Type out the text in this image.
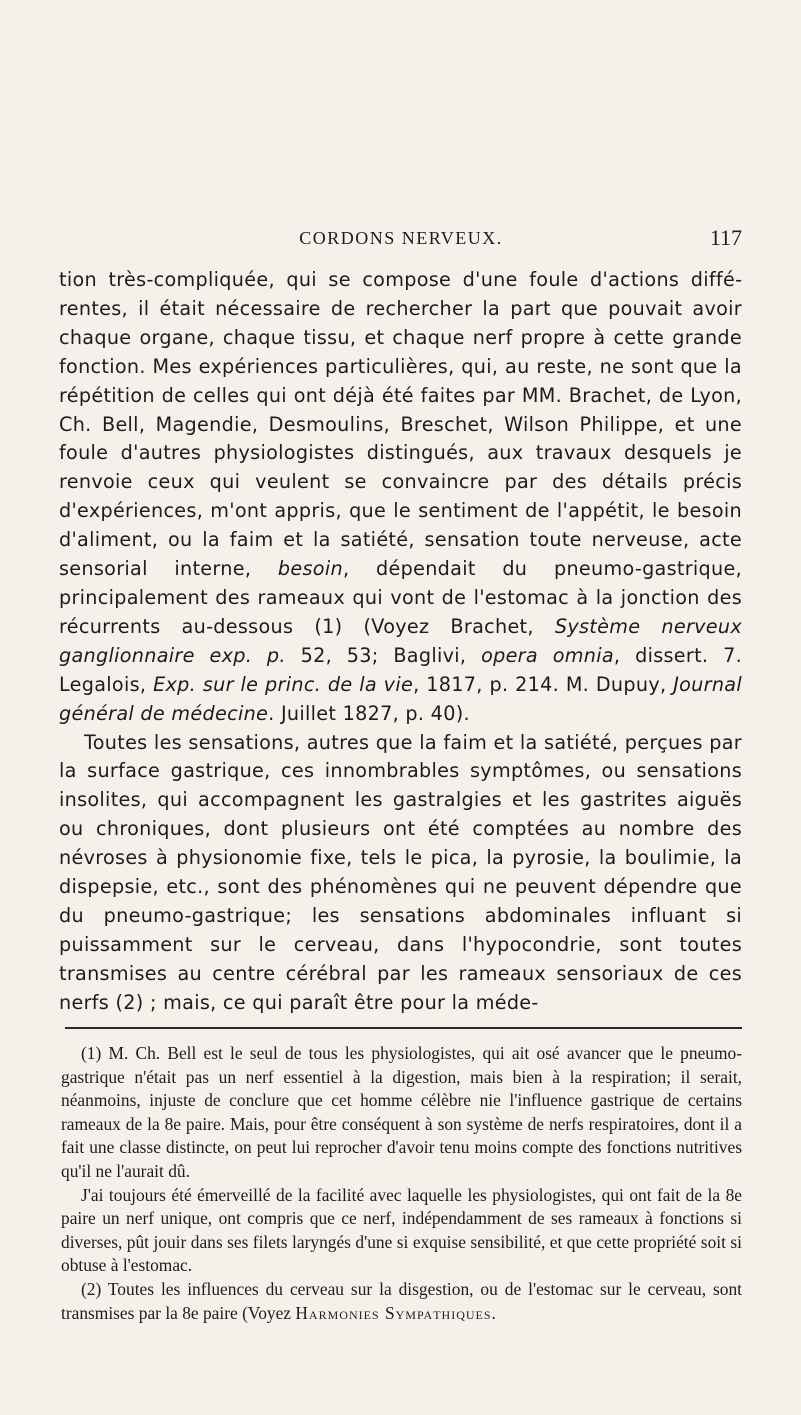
CORDONS NERVEUX.	117

tion très-compliquée, qui se compose d'une foule d'actions différentes, il était nécessaire de rechercher la part que pouvait avoir chaque organe, chaque tissu, et chaque nerf propre à cette grande fonction. Mes expériences particulières, qui, au reste, ne sont que la répétition de celles qui ont déjà été faites par MM. Brachet, de Lyon, Ch. Bell, Magendie, Desmoulins, Breschet, Wilson Philippe, et une foule d'autres physiologistes distingués, aux travaux desquels je renvoie ceux qui veulent se convaincre par des détails précis d'expériences, m'ont appris, que le sentiment de l'appétit, le besoin d'aliment, ou la faim et la satiété, sensation toute nerveuse, acte sensorial interne, besoin, dépendait du pneumo-gastrique, principalement des rameaux qui vont de l'estomac à la jonction des récurrents au-dessous (1) (Voyez Brachet, Système nerveux ganglionnaire exp. p. 52, 53; Baglivi, opera omnia, dissert. 7. Legalois, Exp. sur le princ. de la vie, 1817, p. 214. M. Dupuy, Journal général de médecine. Juillet 1827, p. 40).

Toutes les sensations, autres que la faim et la satiété, perçues par la surface gastrique, ces innombrables symptômes, ou sensations insolites, qui accompagnent les gastralgies et les gastrites aiguës ou chroniques, dont plusieurs ont été comptées au nombre des névroses à physionomie fixe, tels le pica, la pyrosie, la boulimie, la dispepsie, etc., sont des phénomènes qui ne peuvent dépendre que du pneumo-gastrique; les sensations abdominales influant si puissamment sur le cerveau, dans l'hypocondrie, sont toutes transmises au centre cérébral par les rameaux sensoriaux de ces nerfs (2) ; mais, ce qui paraît être pour la méde-

(1) M. Ch. Bell est le seul de tous les physiologistes, qui ait osé avancer que le pneumo-gastrique n'était pas un nerf essentiel à la digestion, mais bien à la respiration; il serait, néanmoins, injuste de conclure que cet homme célèbre nie l'influence gastrique de certains rameaux de la 8e paire. Mais, pour être conséquent à son système de nerfs respiratoires, dont il a fait une classe distincte, on peut lui reprocher d'avoir tenu moins compte des fonctions nutritives qu'il ne l'aurait dû.

J'ai toujours été émerveillé de la facilité avec laquelle les physiologistes, qui ont fait de la 8e paire un nerf unique, ont compris que ce nerf, indépendamment de ses rameaux à fonctions si diverses, pût jouir dans ses filets laryngés d'une si exquise sensibilité, et que cette propriété soit si obtuse à l'estomac.

(2) Toutes les influences du cerveau sur la disgestion, ou de l'estomac sur le cerveau, sont transmises par la 8e paire (Voyez Harmonies Sympathiques.
